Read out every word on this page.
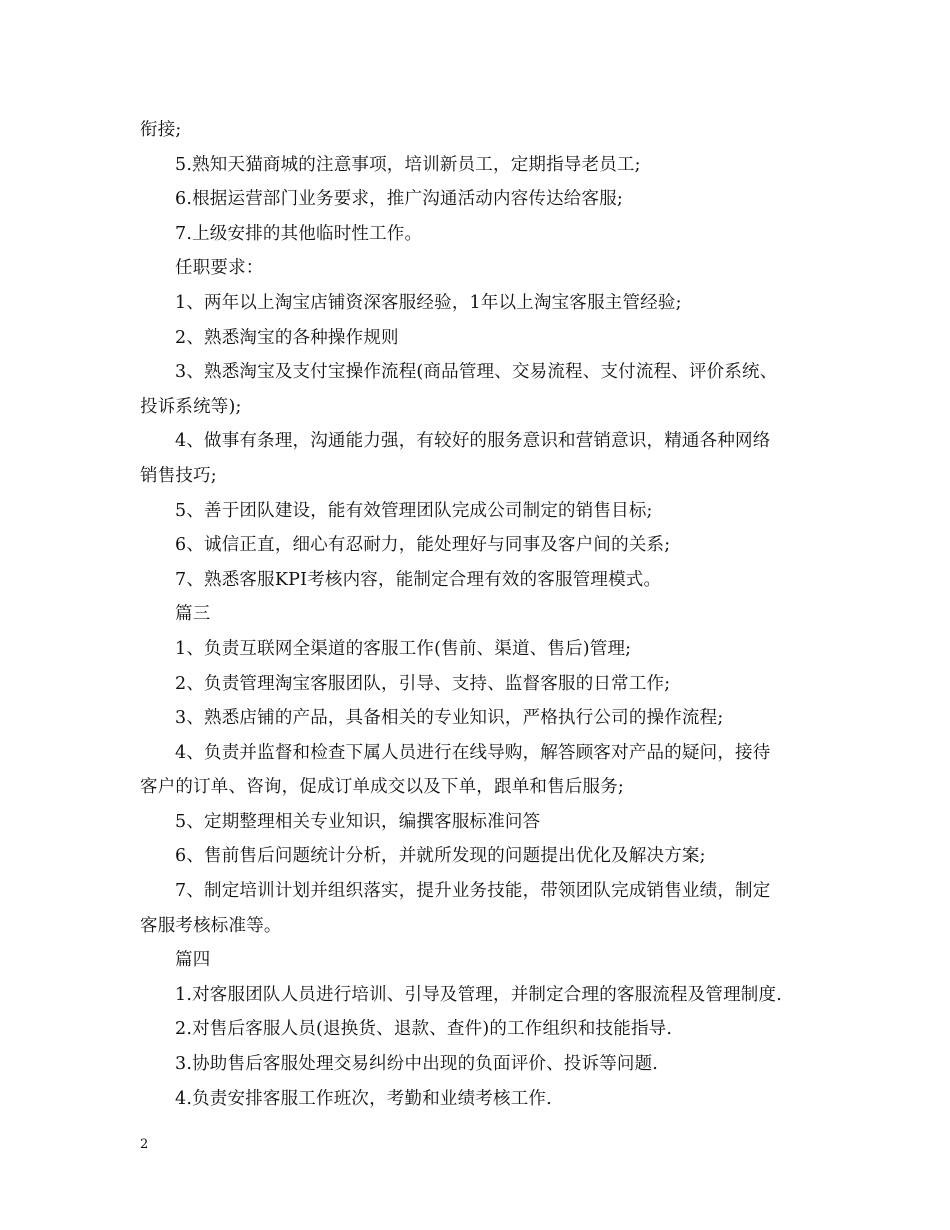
衔接;
5.熟知天猫商城的注意事项，培训新员工，定期指导老员工;
6.根据运营部门业务要求，推广沟通活动内容传达给客服;
7.上级安排的其他临时性工作。
任职要求：
1、两年以上淘宝店铺资深客服经验，1年以上淘宝客服主管经验;
2、熟悉淘宝的各种操作规则
3、熟悉淘宝及支付宝操作流程(商品管理、交易流程、支付流程、评价系统、
投诉系统等);
4、做事有条理，沟通能力强，有较好的服务意识和营销意识，精通各种网络
销售技巧;
5、善于团队建设，能有效管理团队完成公司制定的销售目标;
6、诚信正直，细心有忍耐力，能处理好与同事及客户间的关系;
7、熟悉客服KPI考核内容，能制定合理有效的客服管理模式。
篇三
1、负责互联网全渠道的客服工作(售前、渠道、售后)管理;
2、负责管理淘宝客服团队，引导、支持、监督客服的日常工作;
3、熟悉店铺的产品，具备相关的专业知识，严格执行公司的操作流程;
4、负责并监督和检查下属人员进行在线导购，解答顾客对产品的疑问，接待
客户的订单、咨询，促成订单成交以及下单，跟单和售后服务;
5、定期整理相关专业知识，编撰客服标准问答
6、售前售后问题统计分析，并就所发现的问题提出优化及解决方案;
7、制定培训计划并组织落实，提升业务技能，带领团队完成销售业绩，制定
客服考核标准等。
篇四
1.对客服团队人员进行培训、引导及管理，并制定合理的客服流程及管理制度.
2.对售后客服人员(退换货、退款、查件)的工作组织和技能指导.
3.协助售后客服处理交易纠纷中出现的负面评价、投诉等问题.
4.负责安排客服工作班次，考勤和业绩考核工作.
2
